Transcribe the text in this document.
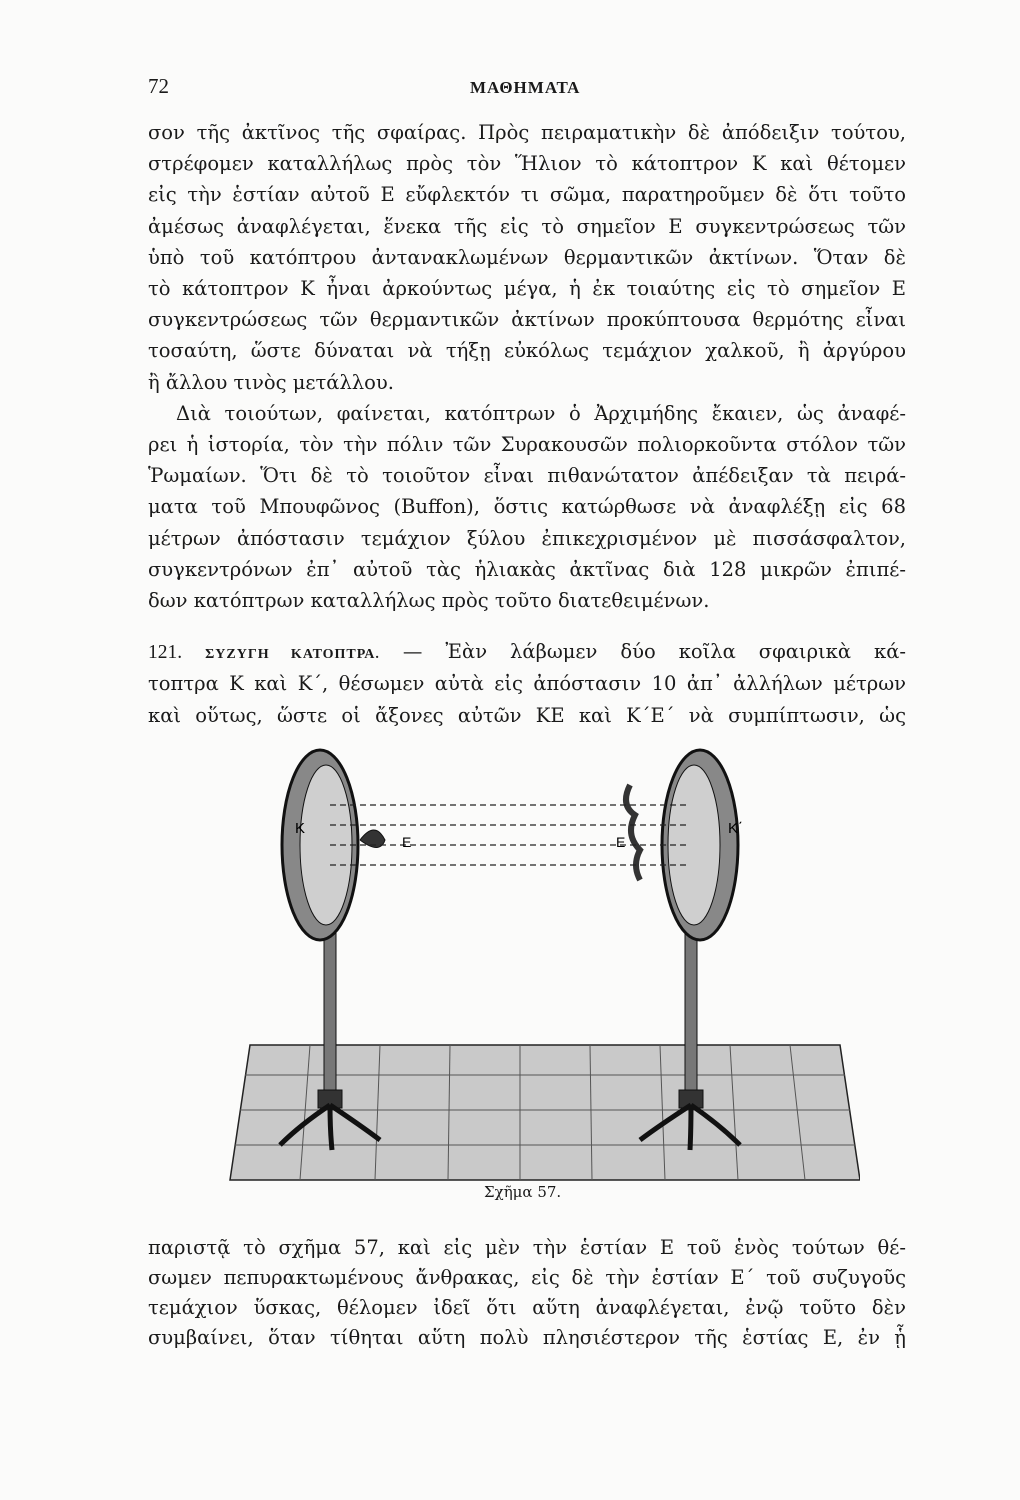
72	ΜΑΘΗΜΑΤΑ
121. ΣΥΖΥΓΗ ΚΑΤΟΠΤΡΑ. — Ἐὰν λάβωμεν δύο κοῖλα σφαιρικὰ κά-
τοπτρα Κ καὶ Κ΄, θέσωμεν αὐτὰ εἰς ἀπόστασιν 10 ἀπ᾽ ἀλλήλων μέτρων
καὶ οὕτως, ὥστε οἱ ἄξονες αὐτῶν ΚΕ καὶ Κ΄Ε΄ νὰ συμπίπτωσιν, ὡς
K
E	E
K΄
Σχῆμα 57.
σον τῆς ἀκτῖνος τῆς σφαίρας. Πρὸς πειραματικὴν δὲ ἀπόδειξιν τούτου,
στρέφομεν καταλλήλως πρὸς τὸν Ἥλιον τὸ κάτοπτρον Κ καὶ θέτομεν
εἰς τὴν ἑστίαν αὐτοῦ Ε εὔφλεκτόν τι σῶμα, παρατηροῦμεν δὲ ὅτι τοῦτο
ἀμέσως ἀναφλέγεται, ἕνεκα τῆς εἰς τὸ σημεῖον Ε συγκεντρώσεως τῶν
ὑπὸ τοῦ κατόπτρου ἀντανακλωμένων θερμαντικῶν ἀκτίνων. Ὅταν δὲ
τὸ κάτοπτρον Κ ἦναι ἀρκούντως μέγα, ἡ ἐκ τοιαύτης εἰς τὸ σημεῖον Ε
συγκεντρώσεως τῶν θερμαντικῶν ἀκτίνων προκύπτουσα θερμότης εἶναι
τοσαύτη, ὥστε δύναται νὰ τήξῃ εὐκόλως τεμάχιον χαλκοῦ, ἢ ἀργύρου
ἢ ἄλλου τινὸς μετάλλου.
Διὰ τοιούτων, φαίνεται, κατόπτρων ὁ Ἀρχιμήδης ἔκαιεν, ὡς ἀναφέ-
ρει ἡ ἱστορία, τὸν τὴν πόλιν τῶν Συρακουσῶν πολιορκοῦντα στόλον τῶν
Ῥωμαίων. Ὅτι δὲ τὸ τοιοῦτον εἶναι πιθανώτατον ἀπέδειξαν τὰ πειρά-
ματα τοῦ Μπουφῶνος (Buffon), ὅστις κατώρθωσε νὰ ἀναφλέξῃ εἰς 68
μέτρων ἀπόστασιν τεμάχιον ξύλου ἐπικεχρισμένον μὲ πισσάσφαλτον,
συγκεντρόνων ἐπ᾽ αὐτοῦ τὰς ἡλιακὰς ἀκτῖνας διὰ 128 μικρῶν ἐπιπέ-
δων κατόπτρων καταλλήλως πρὸς τοῦτο διατεθειμένων.
παριστᾷ τὸ σχῆμα 57, καὶ εἰς μὲν τὴν ἑστίαν Ε τοῦ ἑνὸς τούτων θέ-
σωμεν πεπυρακτωμένους ἄνθρακας, εἰς δὲ τὴν ἑστίαν Ε΄ τοῦ συζυγοῦς
τεμάχιον ὕσκας, θέλομεν ἰδεῖ ὅτι αὕτη ἀναφλέγεται, ἐνῷ τοῦτο δὲν
συμβαίνει, ὅταν τίθηται αὕτη πολὺ πλησιέστερον τῆς ἑστίας Ε, ἐν ᾗ
